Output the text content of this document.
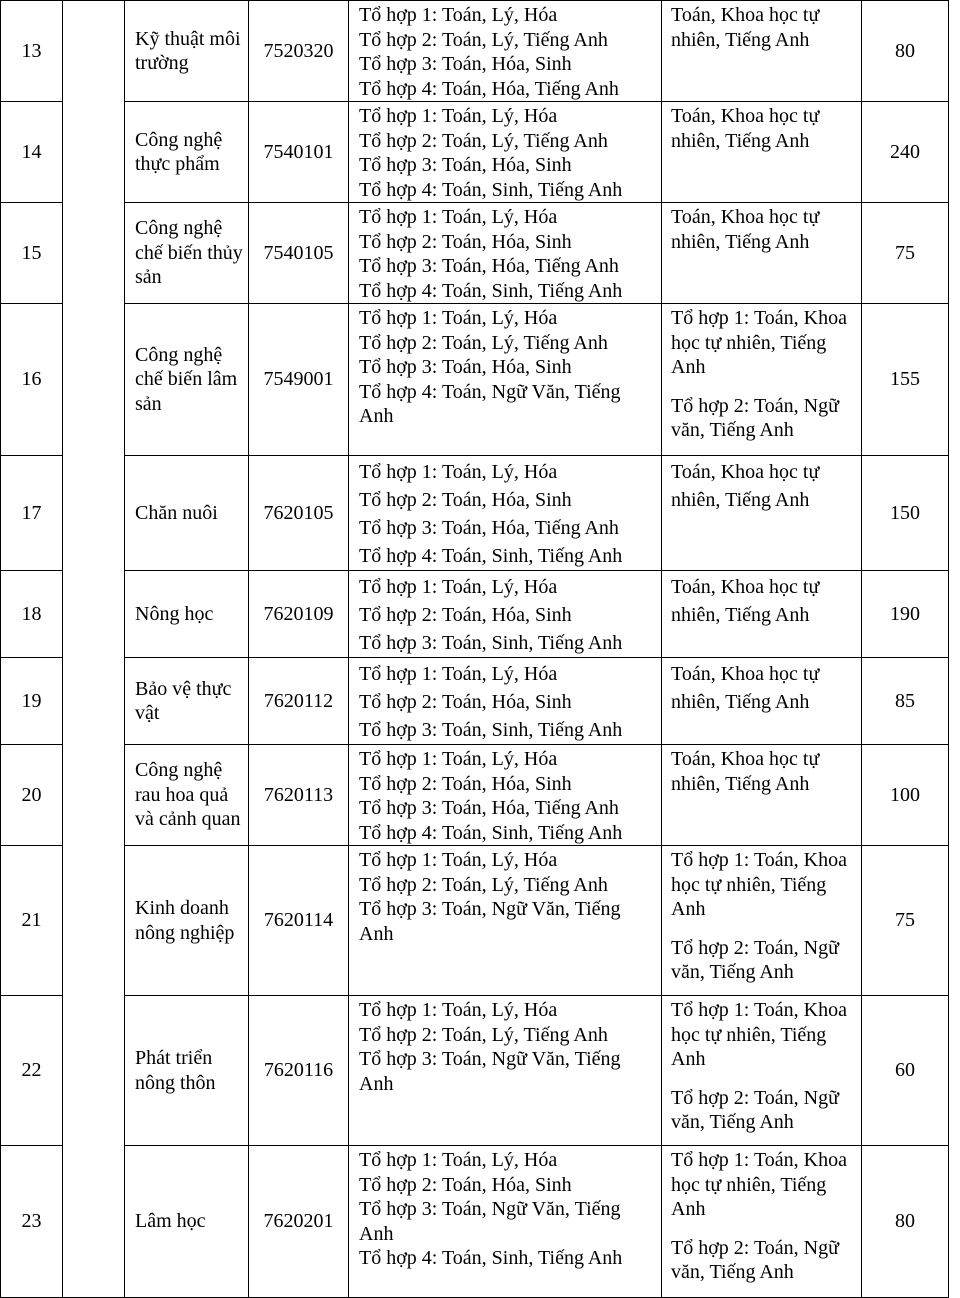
13		Kỹ thuật môi trường	7520320	Tổ hợp 1: Toán, Lý, Hóa
Tổ hợp 2: Toán, Lý, Tiếng Anh
Tổ hợp 3: Toán, Hóa, Sinh
Tổ hợp 4: Toán, Hóa, Tiếng Anh	Toán, Khoa học tự nhiên, Tiếng Anh	80
14		Công nghệ thực phẩm	7540101	Tổ hợp 1: Toán, Lý, Hóa
Tổ hợp 2: Toán, Lý, Tiếng Anh
Tổ hợp 3: Toán, Hóa, Sinh
Tổ hợp 4: Toán, Sinh, Tiếng Anh	Toán, Khoa học tự nhiên, Tiếng Anh	240
15		Công nghệ chế biến thủy sản	7540105	Tổ hợp 1: Toán, Lý, Hóa
Tổ hợp 2: Toán, Hóa, Sinh
Tổ hợp 3: Toán, Hóa, Tiếng Anh
Tổ hợp 4: Toán, Sinh, Tiếng Anh	Toán, Khoa học tự nhiên, Tiếng Anh	75
16		Công nghệ chế biến lâm sản	7549001	Tổ hợp 1: Toán, Lý, Hóa
Tổ hợp 2: Toán, Lý, Tiếng Anh
Tổ hợp 3: Toán, Hóa, Sinh
Tổ hợp 4: Toán, Ngữ Văn, Tiếng Anh	Tổ hợp 1: Toán, Khoa học tự nhiên, Tiếng Anh
Tổ hợp 2: Toán, Ngữ văn, Tiếng Anh	155
17		Chăn nuôi	7620105	Tổ hợp 1: Toán, Lý, Hóa
Tổ hợp 2: Toán, Hóa, Sinh
Tổ hợp 3: Toán, Hóa, Tiếng Anh
Tổ hợp 4: Toán, Sinh, Tiếng Anh	Toán, Khoa học tự nhiên, Tiếng Anh	150
18		Nông học	7620109	Tổ hợp 1: Toán, Lý, Hóa
Tổ hợp 2: Toán, Hóa, Sinh
Tổ hợp 3: Toán, Sinh, Tiếng Anh	Toán, Khoa học tự nhiên, Tiếng Anh	190
19		Bảo vệ thực vật	7620112	Tổ hợp 1: Toán, Lý, Hóa
Tổ hợp 2: Toán, Hóa, Sinh
Tổ hợp 3: Toán, Sinh, Tiếng Anh	Toán, Khoa học tự nhiên, Tiếng Anh	85
20		Công nghệ rau hoa quả và cảnh quan	7620113	Tổ hợp 1: Toán, Lý, Hóa
Tổ hợp 2: Toán, Hóa, Sinh
Tổ hợp 3: Toán, Hóa, Tiếng Anh
Tổ hợp 4: Toán, Sinh, Tiếng Anh	Toán, Khoa học tự nhiên, Tiếng Anh	100
21		Kinh doanh nông nghiệp	7620114	Tổ hợp 1: Toán, Lý, Hóa
Tổ hợp 2: Toán, Lý, Tiếng Anh
Tổ hợp 3: Toán, Ngữ Văn, Tiếng Anh	Tổ hợp 1: Toán, Khoa học tự nhiên, Tiếng Anh
Tổ hợp 2: Toán, Ngữ văn, Tiếng Anh	75
22		Phát triển nông thôn	7620116	Tổ hợp 1: Toán, Lý, Hóa
Tổ hợp 2: Toán, Lý, Tiếng Anh
Tổ hợp 3: Toán, Ngữ Văn, Tiếng Anh	Tổ hợp 1: Toán, Khoa học tự nhiên, Tiếng Anh
Tổ hợp 2: Toán, Ngữ văn, Tiếng Anh	60
23		Lâm học	7620201	Tổ hợp 1: Toán, Lý, Hóa
Tổ hợp 2: Toán, Hóa, Sinh
Tổ hợp 3: Toán, Ngữ Văn, Tiếng Anh
Tổ hợp 4: Toán, Sinh, Tiếng Anh	Tổ hợp 1: Toán, Khoa học tự nhiên, Tiếng Anh
Tổ hợp 2: Toán, Ngữ văn, Tiếng Anh	80
